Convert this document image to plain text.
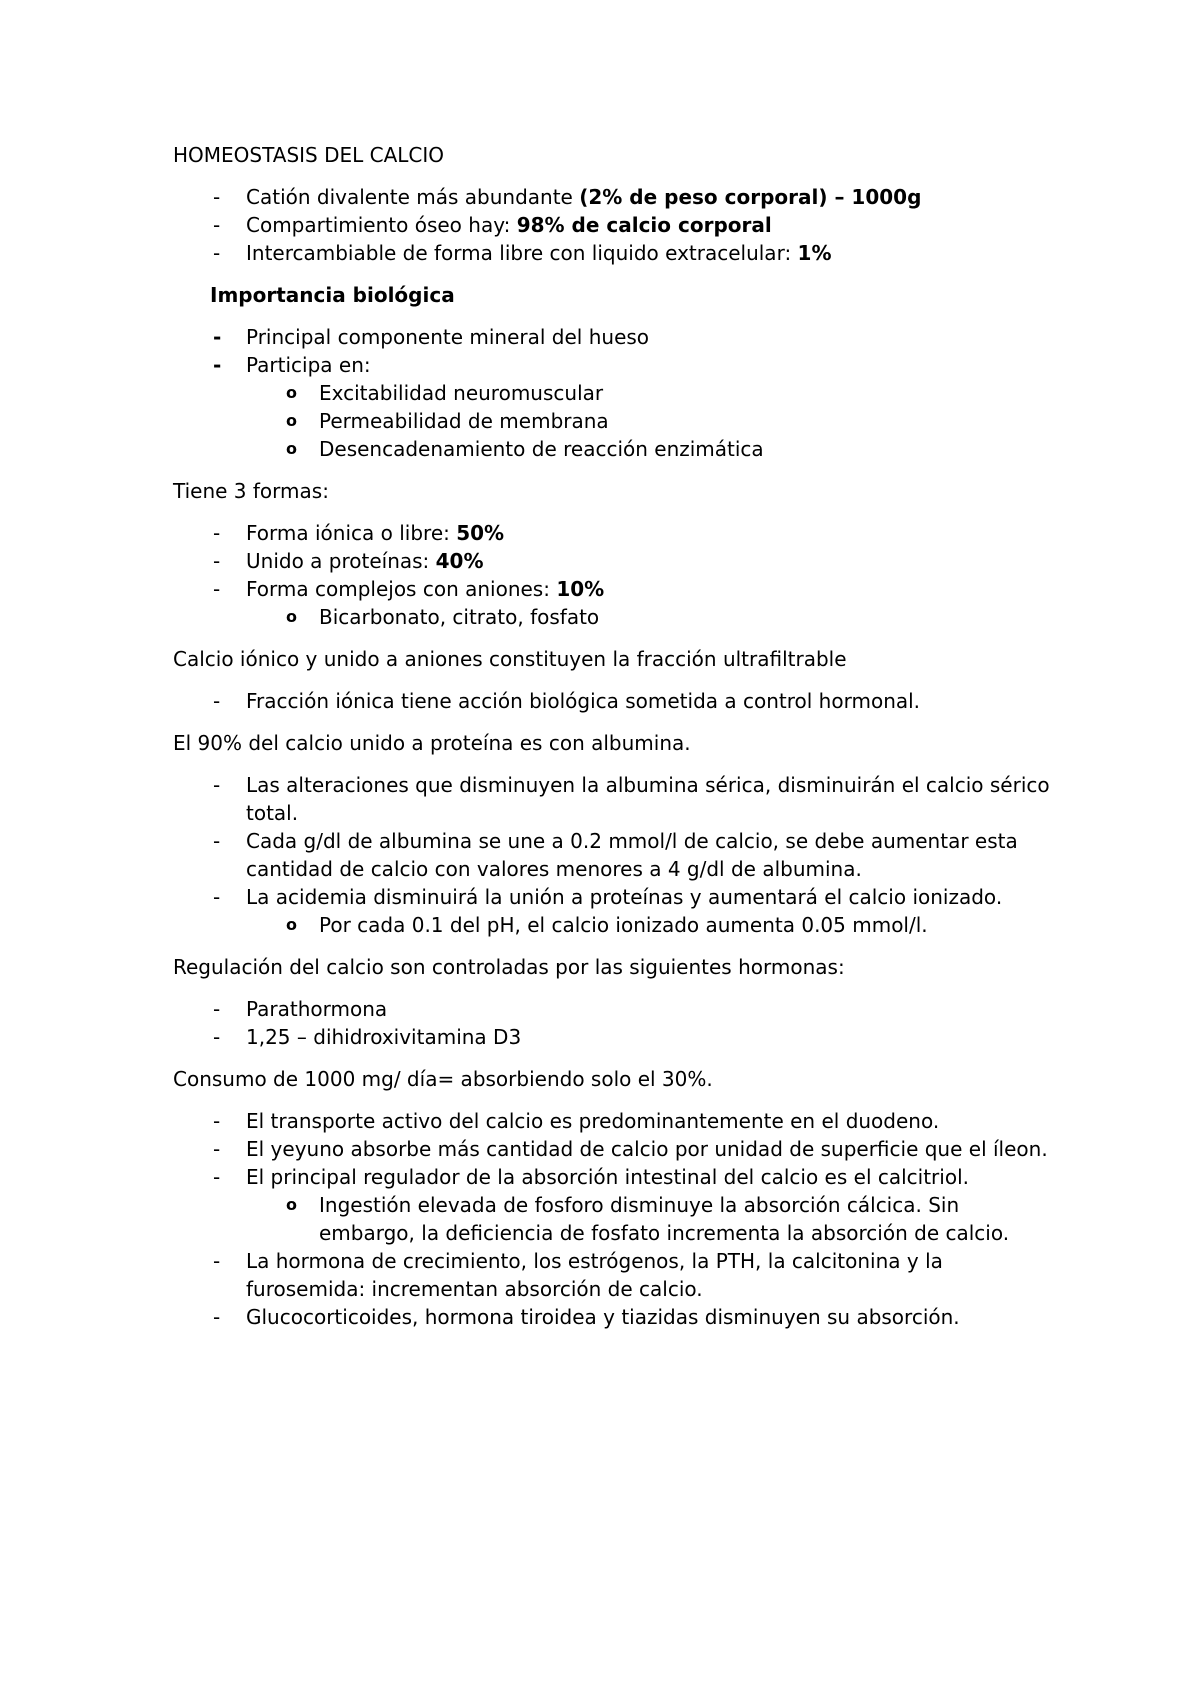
HOMEOSTASIS DEL CALCIO

- Catión divalente más abundante (2% de peso corporal) – 1000g
- Compartimiento óseo hay: 98% de calcio corporal
- Intercambiable de forma libre con liquido extracelular: 1%

Importancia biológica

- Principal componente mineral del hueso
- Participa en:
o Excitabilidad neuromuscular
o Permeabilidad de membrana
o Desencadenamiento de reacción enzimática

Tiene 3 formas:

- Forma iónica o libre: 50%
- Unido a proteínas: 40%
- Forma complejos con aniones: 10%
o Bicarbonato, citrato, fosfato

Calcio iónico y unido a aniones constituyen la fracción ultrafiltrable

- Fracción iónica tiene acción biológica sometida a control hormonal.

El 90% del calcio unido a proteína es con albumina.

- Las alteraciones que disminuyen la albumina sérica, disminuirán el calcio sérico total.
- Cada g/dl de albumina se une a 0.2 mmol/l de calcio, se debe aumentar esta cantidad de calcio con valores menores a 4 g/dl de albumina.
- La acidemia disminuirá la unión a proteínas y aumentará el calcio ionizado.
o Por cada 0.1 del pH, el calcio ionizado aumenta 0.05 mmol/l.

Regulación del calcio son controladas por las siguientes hormonas:

- Parathormona
- 1,25 – dihidroxivitamina D3

Consumo de 1000 mg/ día= absorbiendo solo el 30%.

- El transporte activo del calcio es predominantemente en el duodeno.
- El yeyuno absorbe más cantidad de calcio por unidad de superficie que el íleon.
- El principal regulador de la absorción intestinal del calcio es el calcitriol.
o Ingestión elevada de fosforo disminuye la absorción cálcica. Sin embargo, la deficiencia de fosfato incrementa la absorción de calcio.
- La hormona de crecimiento, los estrógenos, la PTH, la calcitonina y la furosemida: incrementan absorción de calcio.
- Glucocorticoides, hormona tiroidea y tiazidas disminuyen su absorción.
